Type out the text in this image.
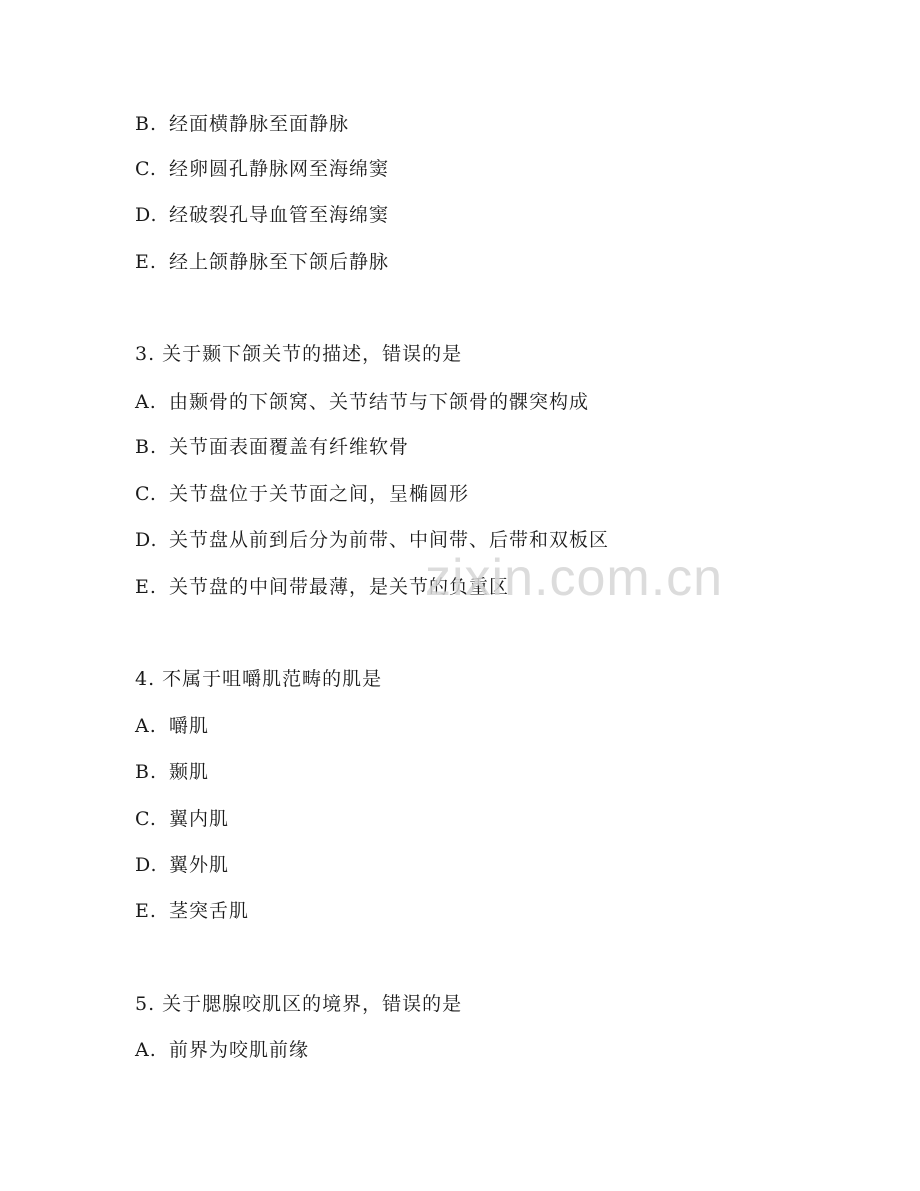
B. 经面横静脉至面静脉
C. 经卵圆孔静脉网至海绵窦
D. 经破裂孔导血管至海绵窦
E. 经上颌静脉至下颌后静脉
3. 关于颞下颌关节的描述，错误的是
A. 由颞骨的下颌窝、关节结节与下颌骨的髁突构成
B. 关节面表面覆盖有纤维软骨
C. 关节盘位于关节面之间，呈椭圆形
D. 关节盘从前到后分为前带、中间带、后带和双板区
E. 关节盘的中间带最薄，是关节的负重区
4. 不属于咀嚼肌范畴的肌是
A. 嚼肌
B. 颞肌
C. 翼内肌
D. 翼外肌
E. 茎突舌肌
5. 关于腮腺咬肌区的境界，错误的是
A. 前界为咬肌前缘
zixin.com.cn
